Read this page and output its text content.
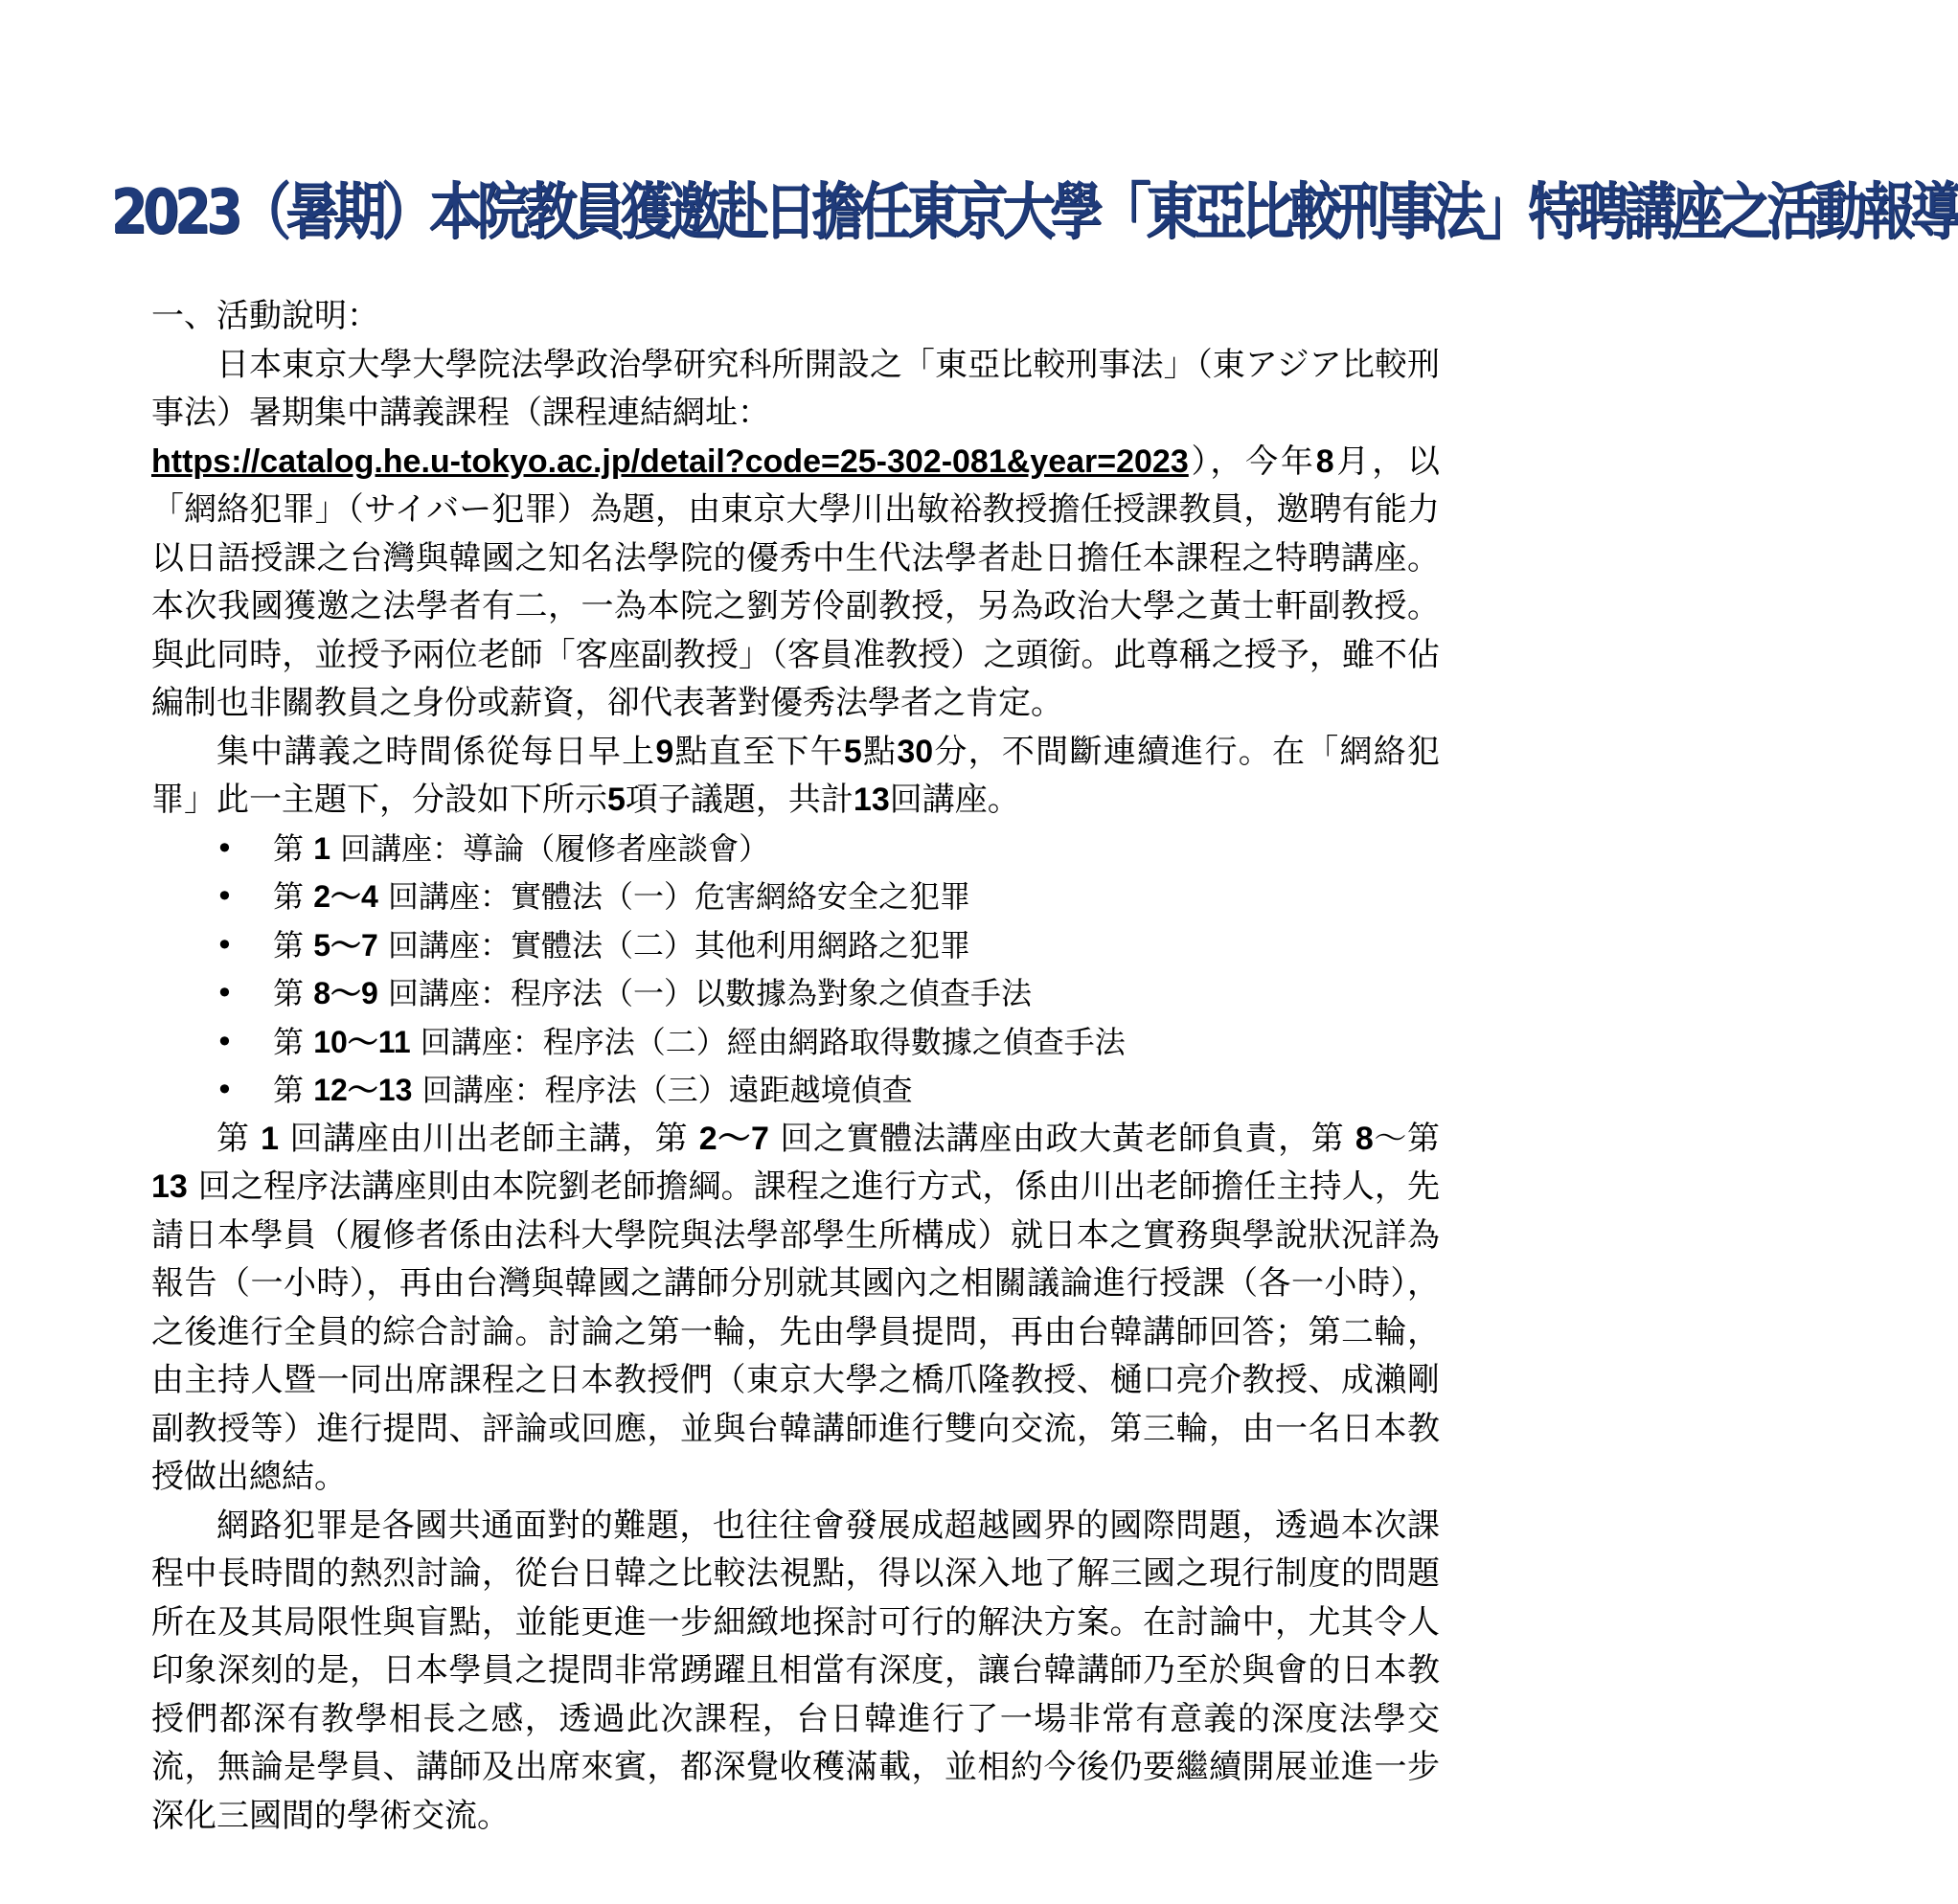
2023（暑期）本院教員獲邀赴日擔任東京大學「東亞比較刑事法」特聘講座之活動報導

一、活動說明：

日本東京大學大學院法學政治學研究科所開設之「東亞比較刑事法」（東アジア比較刑事法）暑期集中講義課程（課程連結網址：
https://catalog.he.u-tokyo.ac.jp/detail?code=25-302-081&year=2023），今年8月，以「網絡犯罪」（サイバー犯罪）為題，由東京大學川出敏裕教授擔任授課教員，邀聘有能力以日語授課之台灣與韓國之知名法學院的優秀中生代法學者赴日擔任本課程之特聘講座。本次我國獲邀之法學者有二，一為本院之劉芳伶副教授，另為政治大學之黃士軒副教授。與此同時，並授予兩位老師「客座副教授」（客員准教授）之頭銜。此尊稱之授予，雖不佔編制也非關教員之身份或薪資，卻代表著對優秀法學者之肯定。

集中講義之時間係從每日早上9點直至下午5點30分，不間斷連續進行。在「網絡犯罪」此一主題下，分設如下所示5項子議題，共計13回講座。

• 第 1 回講座：導論（履修者座談會）
• 第 2～4 回講座：實體法（一）危害網絡安全之犯罪
• 第 5～7 回講座：實體法（二）其他利用網路之犯罪
• 第 8～9 回講座：程序法（一）以數據為對象之偵查手法
• 第 10～11 回講座：程序法（二）經由網路取得數據之偵查手法
• 第 12～13 回講座：程序法（三）遠距越境偵查

第 1 回講座由川出老師主講，第 2～7 回之實體法講座由政大黃老師負責，第 8～第 13 回之程序法講座則由本院劉老師擔綱。課程之進行方式，係由川出老師擔任主持人，先請日本學員（履修者係由法科大學院與法學部學生所構成）就日本之實務與學說狀況詳為報告（一小時），再由台灣與韓國之講師分別就其國內之相關議論進行授課（各一小時），之後進行全員的綜合討論。討論之第一輪，先由學員提問，再由台韓講師回答；第二輪，由主持人暨一同出席課程之日本教授們（東京大學之橋爪隆教授、樋口亮介教授、成瀨剛副教授等）進行提問、評論或回應，並與台韓講師進行雙向交流，第三輪，由一名日本教授做出總結。

網路犯罪是各國共通面對的難題，也往往會發展成超越國界的國際問題，透過本次課程中長時間的熱烈討論，從台日韓之比較法視點，得以深入地了解三國之現行制度的問題所在及其局限性與盲點，並能更進一步細緻地探討可行的解決方案。在討論中，尤其令人印象深刻的是，日本學員之提問非常踴躍且相當有深度，讓台韓講師乃至於與會的日本教授們都深有教學相長之感，透過此次課程，台日韓進行了一場非常有意義的深度法學交流，無論是學員、講師及出席來賓，都深覺收穫滿載，並相約今後仍要繼續開展並進一步深化三國間的學術交流。
